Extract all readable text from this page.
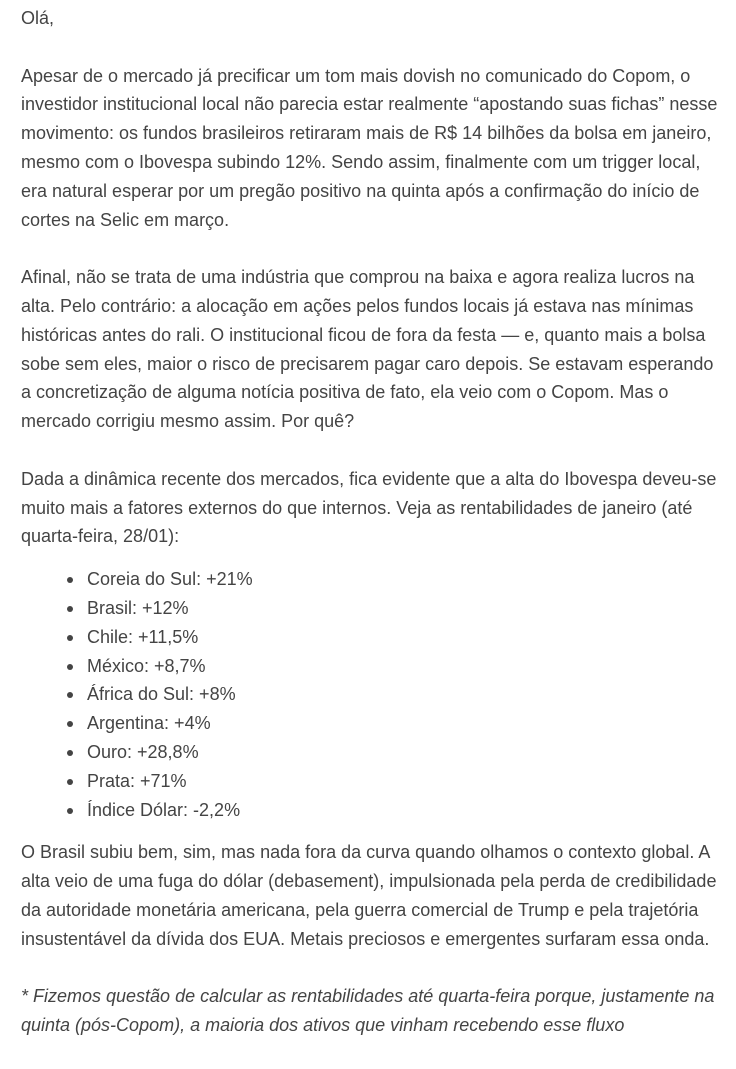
Olá,

Apesar de o mercado já precificar um tom mais dovish no comunicado do Copom, o investidor institucional local não parecia estar realmente “apostando suas fichas” nesse movimento: os fundos brasileiros retiraram mais de R$ 14 bilhões da bolsa em janeiro, mesmo com o Ibovespa subindo 12%. Sendo assim, finalmente com um trigger local, era natural esperar por um pregão positivo na quinta após a confirmação do início de cortes na Selic em março.

Afinal, não se trata de uma indústria que comprou na baixa e agora realiza lucros na alta. Pelo contrário: a alocação em ações pelos fundos locais já estava nas mínimas históricas antes do rali. O institucional ficou de fora da festa — e, quanto mais a bolsa sobe sem eles, maior o risco de precisarem pagar caro depois. Se estavam esperando a concretização de alguma notícia positiva de fato, ela veio com o Copom. Mas o mercado corrigiu mesmo assim. Por quê?

Dada a dinâmica recente dos mercados, fica evidente que a alta do Ibovespa deveu-se muito mais a fatores externos do que internos. Veja as rentabilidades de janeiro (até quarta-feira, 28/01):

Coreia do Sul: +21%
Brasil: +12%
Chile: +11,5%
México: +8,7%
África do Sul: +8%
Argentina: +4%
Ouro: +28,8%
Prata: +71%
Índice Dólar: -2,2%

O Brasil subiu bem, sim, mas nada fora da curva quando olhamos o contexto global. A alta veio de uma fuga do dólar (debasement), impulsionada pela perda de credibilidade da autoridade monetária americana, pela guerra comercial de Trump e pela trajetória insustentável da dívida dos EUA. Metais preciosos e emergentes surfaram essa onda.

* Fizemos questão de calcular as rentabilidades até quarta-feira porque, justamente na quinta (pós-Copom), a maioria dos ativos que vinham recebendo esse fluxo
